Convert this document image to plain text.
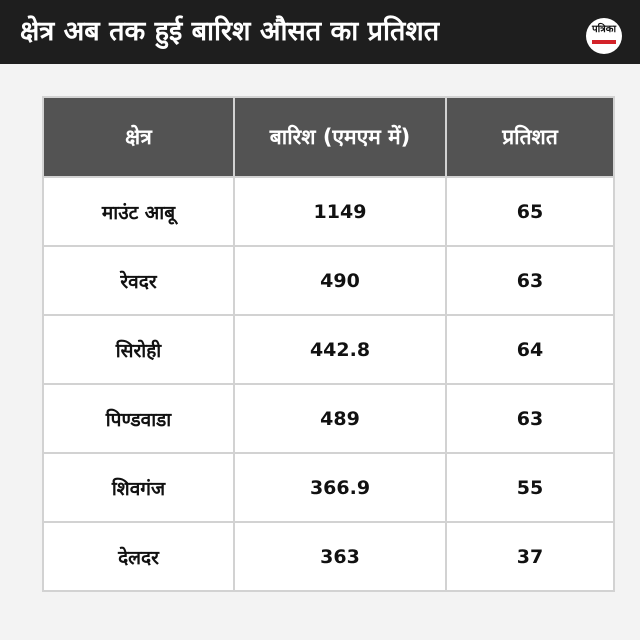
क्षेत्र अब तक हुई बारिश औसत का प्रतिशत	पत्रिका
क्षेत्र	बारिश (एमएम में)	प्रतिशत
माउंट आबू	1149	65
रेवदर	490	63
सिरोही	442.8	64
पिण्डवाडा	489	63
शिवगंज	366.9	55
देलदर	363	37
